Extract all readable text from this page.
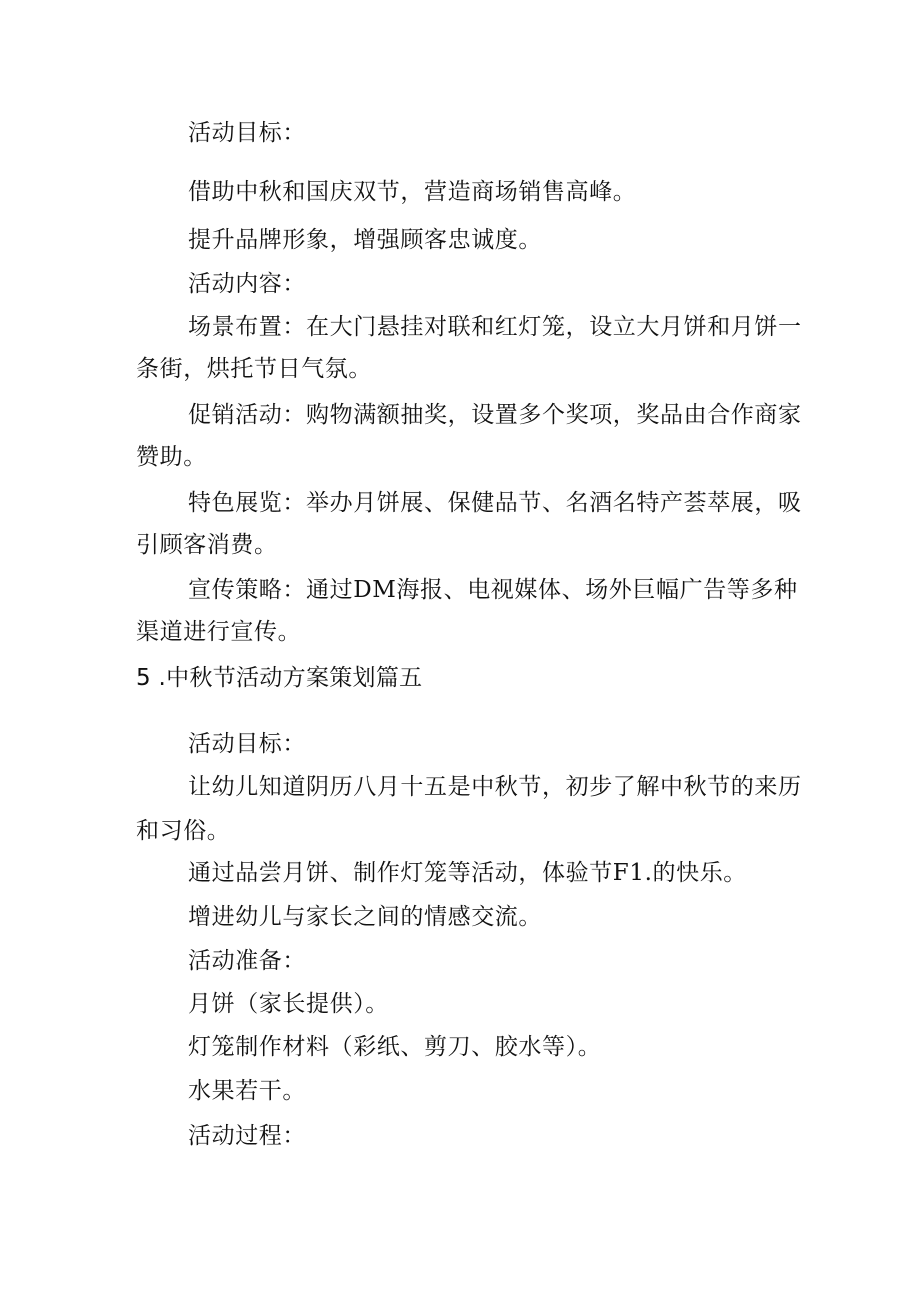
活动目标：
借助中秋和国庆双节，营造商场销售高峰。
提升品牌形象，增强顾客忠诚度。
活动内容：
场景布置：在大门悬挂对联和红灯笼，设立大月饼和月饼一
条街，烘托节日气氛。
促销活动：购物满额抽奖，设置多个奖项，奖品由合作商家
赞助。
特色展览：举办月饼展、保健品节、名酒名特产荟萃展，吸
引顾客消费。
宣传策略：通过DM海报、电视媒体、场外巨幅广告等多种
渠道进行宣传。
5 .中秋节活动方案策划篇五
活动目标：
让幼儿知道阴历八月十五是中秋节，初步了解中秋节的来历
和习俗。
通过品尝月饼、制作灯笼等活动，体验节F1.的快乐。
增进幼儿与家长之间的情感交流。
活动准备：
月饼（家长提供）。
灯笼制作材料（彩纸、剪刀、胶水等）。
水果若干。
活动过程：
